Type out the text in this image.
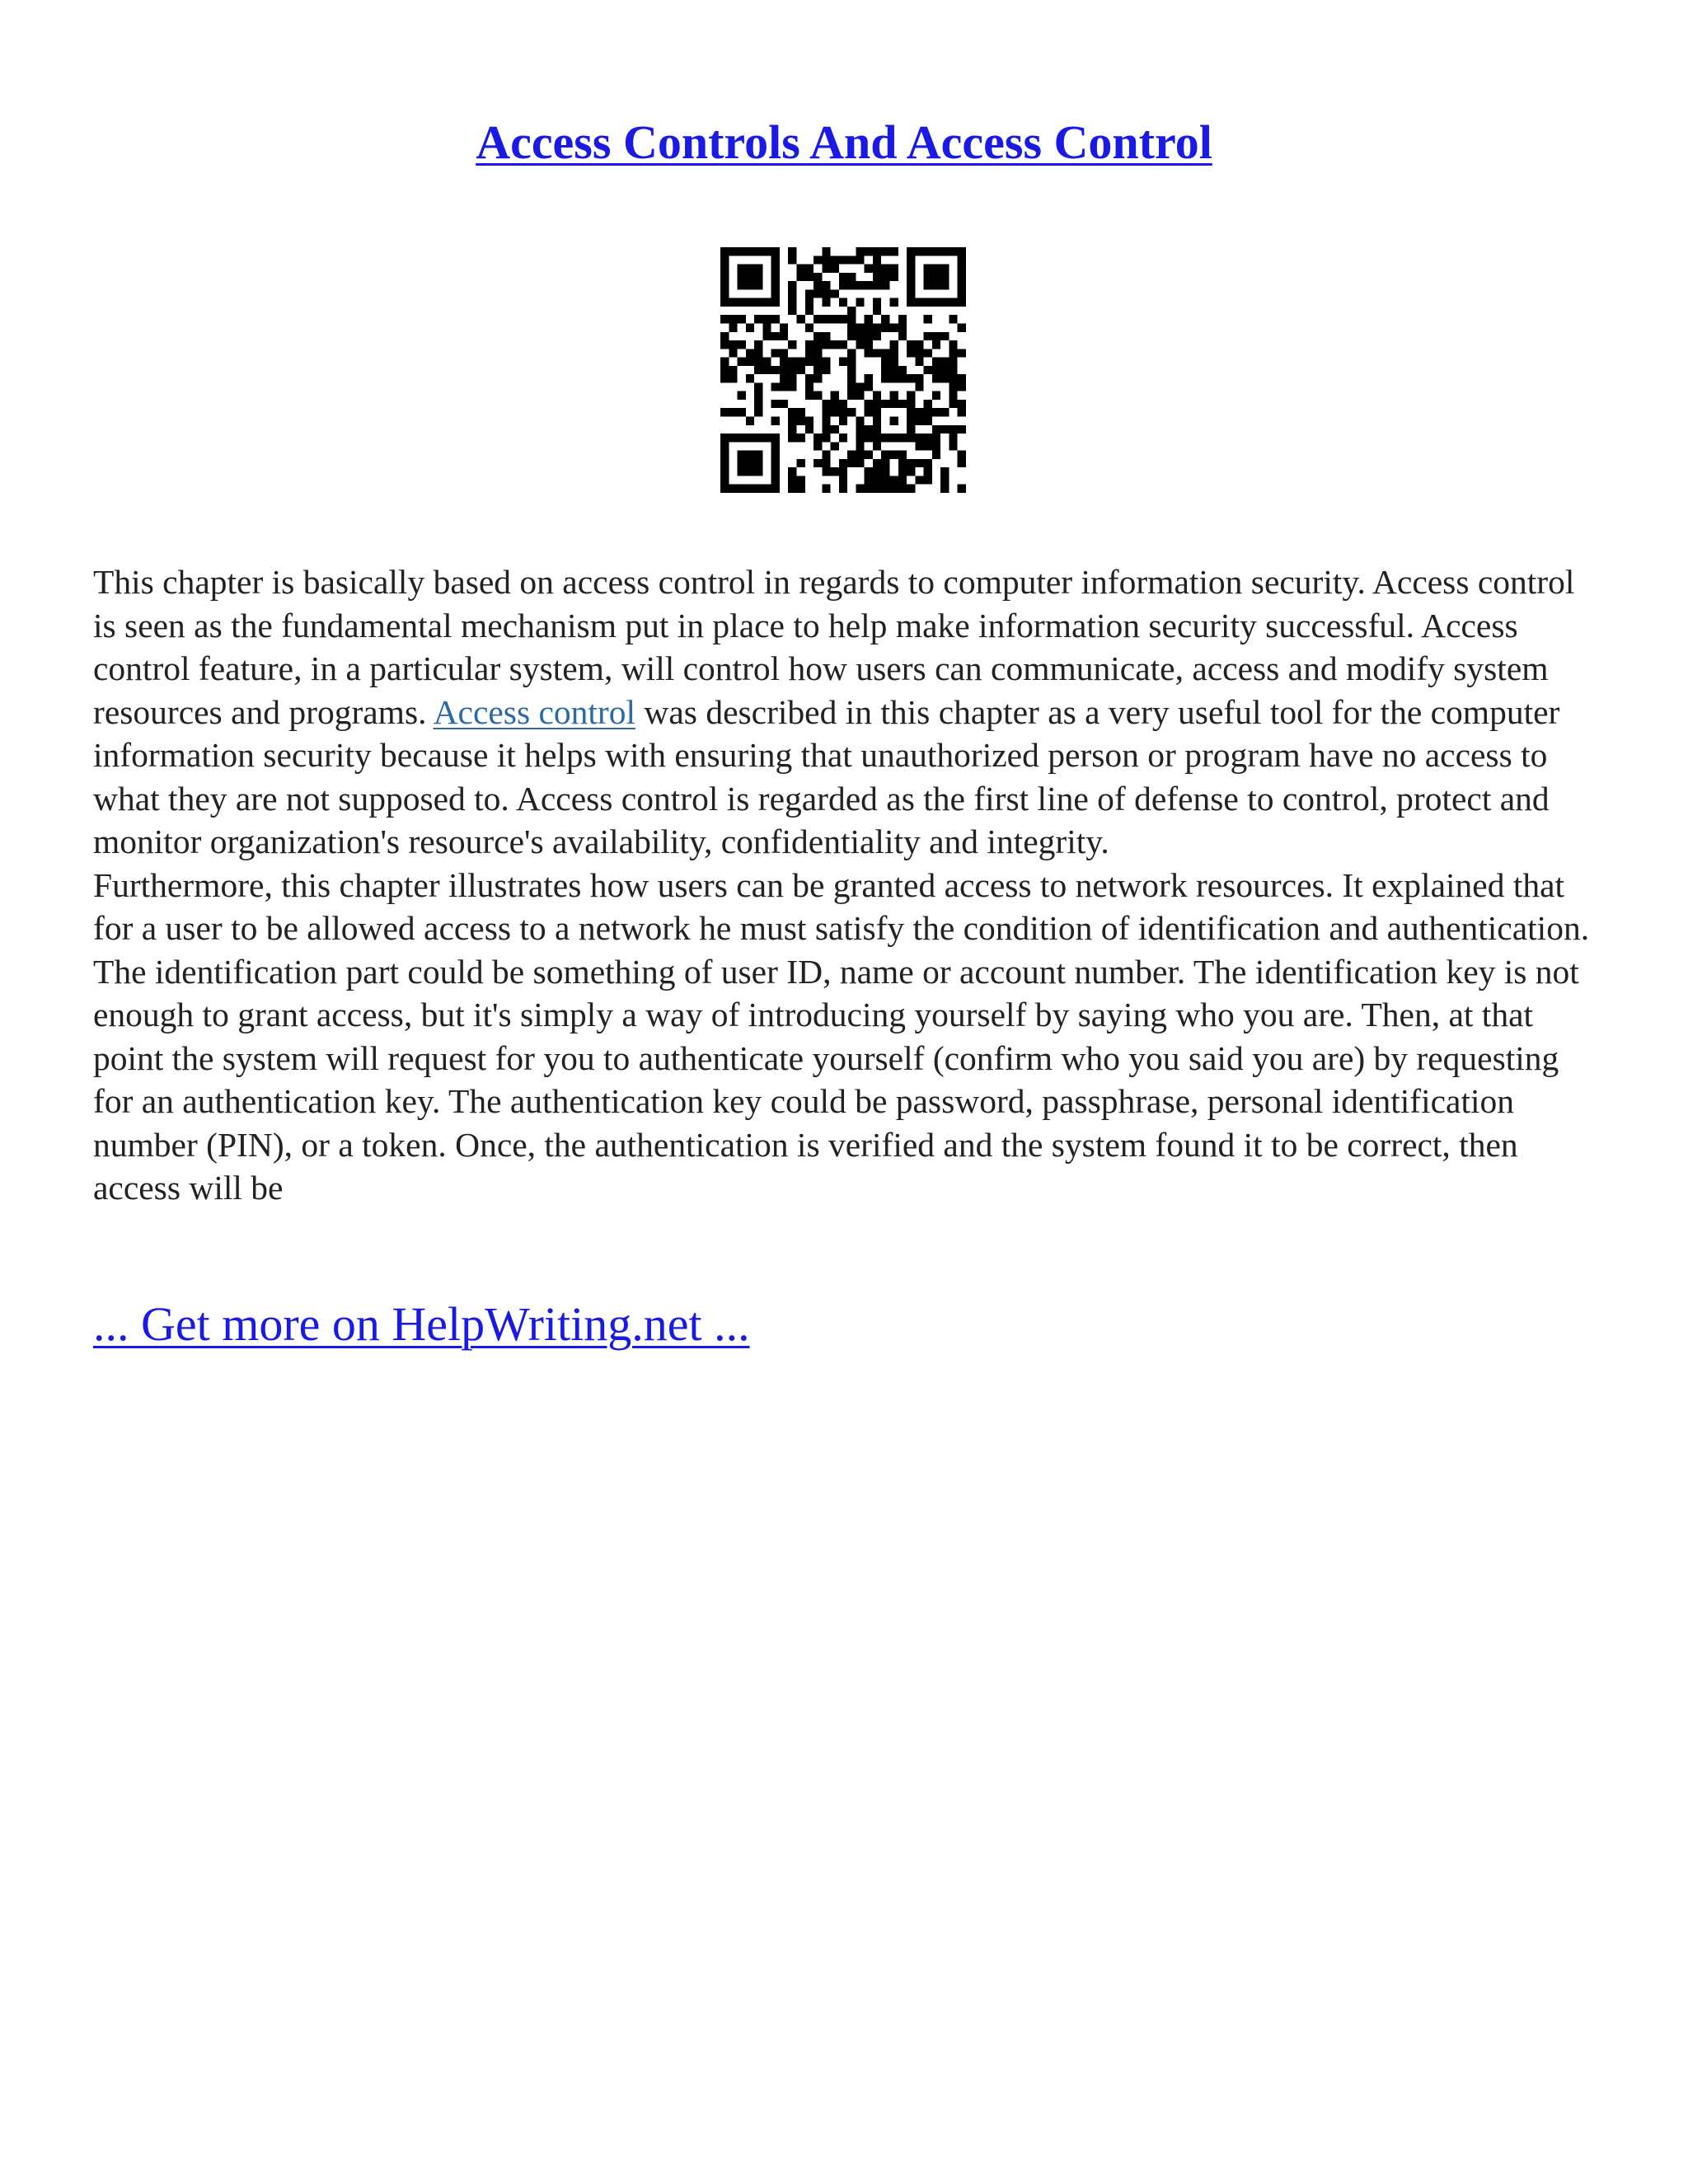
Access Controls And Access Control

This chapter is basically based on access control in regards to computer information security. Access control is seen as the fundamental mechanism put in place to help make information security successful. Access control feature, in a particular system, will control how users can communicate, access and modify system resources and programs. Access control was described in this chapter as a very useful tool for the computer information security because it helps with ensuring that unauthorized person or program have no access to what they are not supposed to. Access control is regarded as the first line of defense to control, protect and monitor organization's resource's availability, confidentiality and integrity.

Furthermore, this chapter illustrates how users can be granted access to network resources. It explained that for a user to be allowed access to a network he must satisfy the condition of identification and authentication. The identification part could be something of user ID, name or account number. The identification key is not enough to grant access, but it's simply a way of introducing yourself by saying who you are. Then, at that point the system will request for you to authenticate yourself (confirm who you said you are) by requesting for an authentication key. The authentication key could be password, passphrase, personal identification number (PIN), or a token. Once, the authentication is verified and the system found it to be correct, then access will be

... Get more on HelpWriting.net ...
